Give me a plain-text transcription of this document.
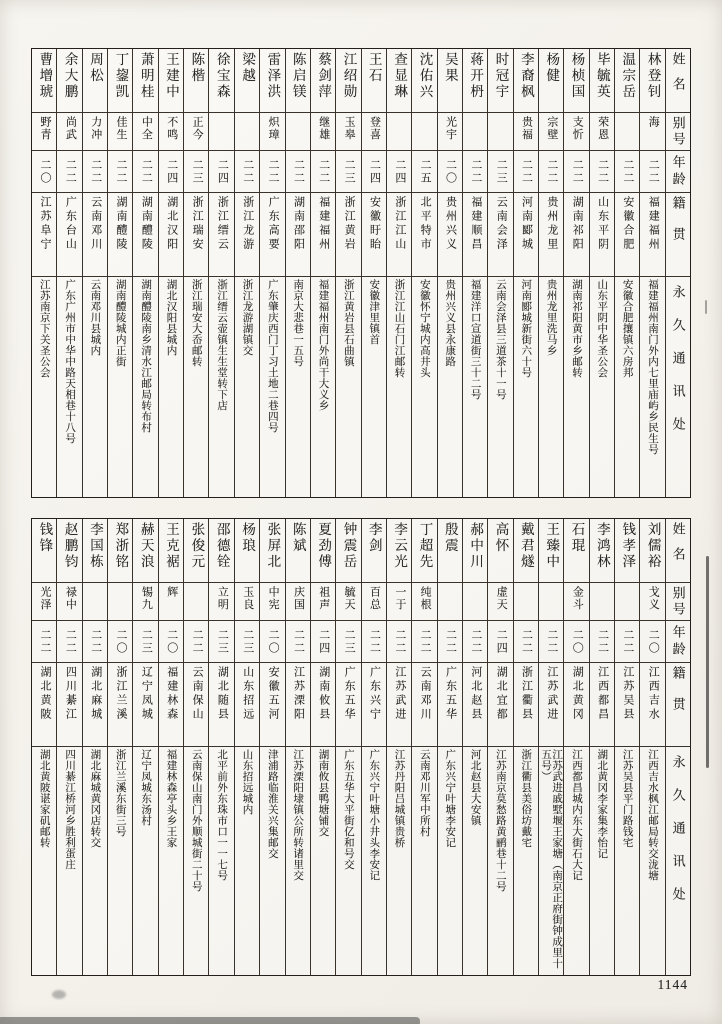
姓名
别号
年龄
籍贯
永久通讯处
林登钊
海
二二
福建福州
福建福州南门外内七里庙屿乡民生号
温宗岳
二二
安徽合肥
安徽合肥攘镇六房邦
毕毓英
荣恩
二二
山东平阴
山东平阴中华圣公会
杨桢国
支忻
二二
湖南祁阳
湖南祁阳黄市乡邮转
杨健
宗壁
二二
贵州龙里
贵州龙里洗马乡
李裔枫
贵福
二二
河南郾城
河南郾城新街六十号
时冠宇
二三
云南会泽
云南会泽县三道茶十一号
蒋开枬
二二
福建顺昌
福建洋口宣道街三十二号
吴果
光宇
二〇
贵州兴义
贵州兴义县永康路
沈佑兴
二五
北平特市
安徽怀宁城内高井头
查显琳
二四
浙江江山
浙江江山石门江邮转
王石
登喜
二四
安徽盱眙
安徽津里镇首
江绍勋
玉皋
二三
浙江黄岩
浙江黄岩县石曲镇
蔡剑萍
继雄
二二
福建福州
福建福州南门外尚干大义乡
陈启镁
二二
湖南邵阳
南京大悲巷一五号
雷泽洪
炽璋
二二
广东高要
广东肇庆西门丁习土地二巷四号
梁越
二二
浙江龙游
浙江龙游湖镇交
徐宝森
二四
浙江缙云
浙江缙云壶镇生生堂转下店
陈楷
正今
二三
浙江瑞安
浙江瑞安大岙邮转
王建中
不鸣
二四
湖北汉阳
湖北汉阳县城内
萧明桂
中全
二二
湖南醴陵
湖南醴陵南乡清水江邮局转布村
丁鋆凯
佳生
二二
湖南醴陵
湖南醴陵城内正街
周松
力冲
二二
云南邓川
云南邓川县城内
余大鹏
尚武
二二
广东台山
广东广州市中华中路天相巷十八号
曹增琥
野青
二〇
江苏阜宁
江苏南京下关圣公会
姓名
别号
年龄
籍贯
永久通讯处
刘儒裕
戈义
二〇
江西吉水
江西吉水枫江邮局转交泷塘
钱孝泽
二二
江苏吴县
江苏吴县平门路钱宅
李鸿林
二二
江西都昌
湖北黄冈李家集李怡记
石琨
金斗
二〇
湖北黄冈
江西都昌城内东大街石大记
王臻中
二二
江苏武进
江苏武进戚墅堰王家塘（南京正府街钟成里十五号）
戴君燧
二二
浙江衢县
浙江衢县美俗坊戴宅
高怀
虚天
二四
湖北宜都
江苏南京莫愁路黄鹂巷十二号
郝中川
二二
河北赵县
河北赵县大安镇
殷震
二二
广东五华
广东兴宁叶塘李安记
丁超先
纯根
二二
云南邓川
云南邓川军中所村
李云光
一于
二二
江苏武进
江苏丹阳吕城镇贵桥
李剑
百总
二二
广东兴宁
广东兴宁叶塘小井头李安记
钟震岳
毓天
二三
广东五华
广东五华大平街亿和号交
夏劲傅
祖声
二四
湖南攸县
湖南攸县鸭塘铺交
陈斌
庆国
二二
江苏溧阳
江苏溧阳埭镇公所转诸里交
张屏北
中宪
二〇
安徽五河
津浦路临淮关兴集邮交
杨琅
玉良
二三
山东招远
山东招远城内
邵德铨
立明
二三
湖北随县
北平前外东珠市口一一七号
张俊元
二二
云南保山
云南保山南门外顺城街二十号
王克裾
辉
二〇
福建林森
福建林森亭头乡王家
赫天浪
锡九
二三
辽宁凤城
辽宁凤城东汤村
郑浙铭
二〇
浙江兰溪
浙江兰溪东街三号
李国栋
二二
湖北麻城
湖北麻城黄冈店转交
赵鹏钧
禄中
二二
四川綦江
四川綦江桥河乡胜利蛋庄
钱锋
光泽
二二
湖北黄陂
湖北黄陂谌家矶邮转
1144
